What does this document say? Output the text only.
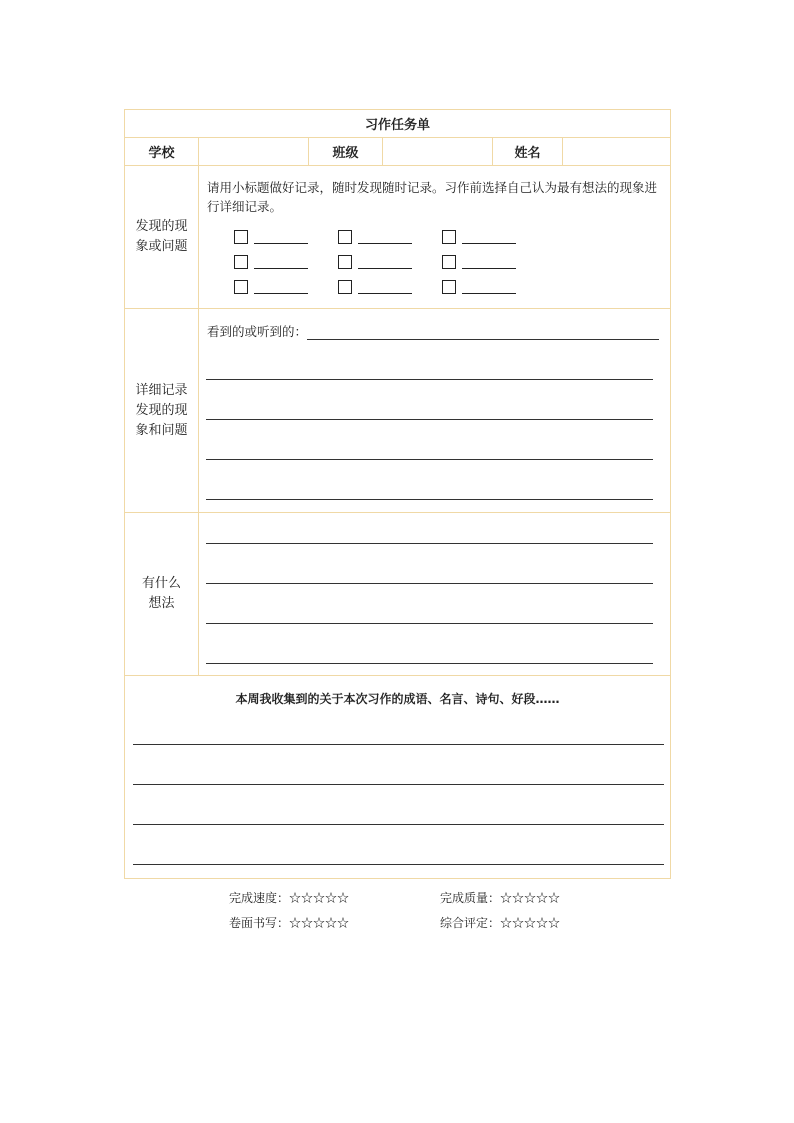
习作任务单
学校	班级	姓名
发现的现
象或问题
请用小标题做好记录，随时发现随时记录。习作前选择自己认为最有想法的现象进行详细记录。
详细记录
发现的现
象和问题
看到的或听到的：
有什么
想法
本周我收集到的关于本次习作的成语、名言、诗句、好段……
完成速度：☆☆☆☆☆	完成质量：☆☆☆☆☆
卷面书写：☆☆☆☆☆	综合评定：☆☆☆☆☆
